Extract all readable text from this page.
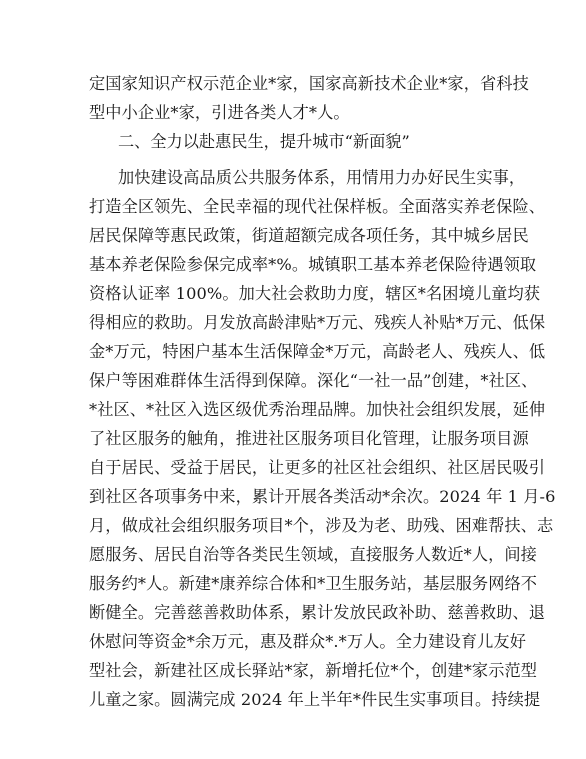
定国家知识产权示范企业*家，国家高新技术企业*家，省科技
型中小企业*家，引进各类人才*人。
二、全力以赴惠民生，提升城市“新面貌”
加快建设高品质公共服务体系，用情用力办好民生实事，
打造全区领先、全民幸福的现代社保样板。全面落实养老保险、
居民保障等惠民政策，街道超额完成各项任务，其中城乡居民
基本养老保险参保完成率*%。城镇职工基本养老保险待遇领取
资格认证率 100%。加大社会救助力度，辖区*名困境儿童均获
得相应的救助。月发放高龄津贴*万元、残疾人补贴*万元、低保
金*万元，特困户基本生活保障金*万元，高龄老人、残疾人、低
保户等困难群体生活得到保障。深化“一社一品”创建，*社区、
*社区、*社区入选区级优秀治理品牌。加快社会组织发展，延伸
了社区服务的触角，推进社区服务项目化管理，让服务项目源
自于居民、受益于居民，让更多的社区社会组织、社区居民吸引
到社区各项事务中来，累计开展各类活动*余次。2024 年 1 月-6
月，做成社会组织服务项目*个，涉及为老、助残、困难帮扶、志
愿服务、居民自治等各类民生领域，直接服务人数近*人，间接
服务约*人。新建*康养综合体和*卫生服务站，基层服务网络不
断健全。完善慈善救助体系，累计发放民政补助、慈善救助、退
休慰问等资金*余万元，惠及群众*.*万人。全力建设育儿友好
型社会，新建社区成长驿站*家，新增托位*个，创建*家示范型
儿童之家。圆满完成 2024 年上半年*件民生实事项目。持续提
